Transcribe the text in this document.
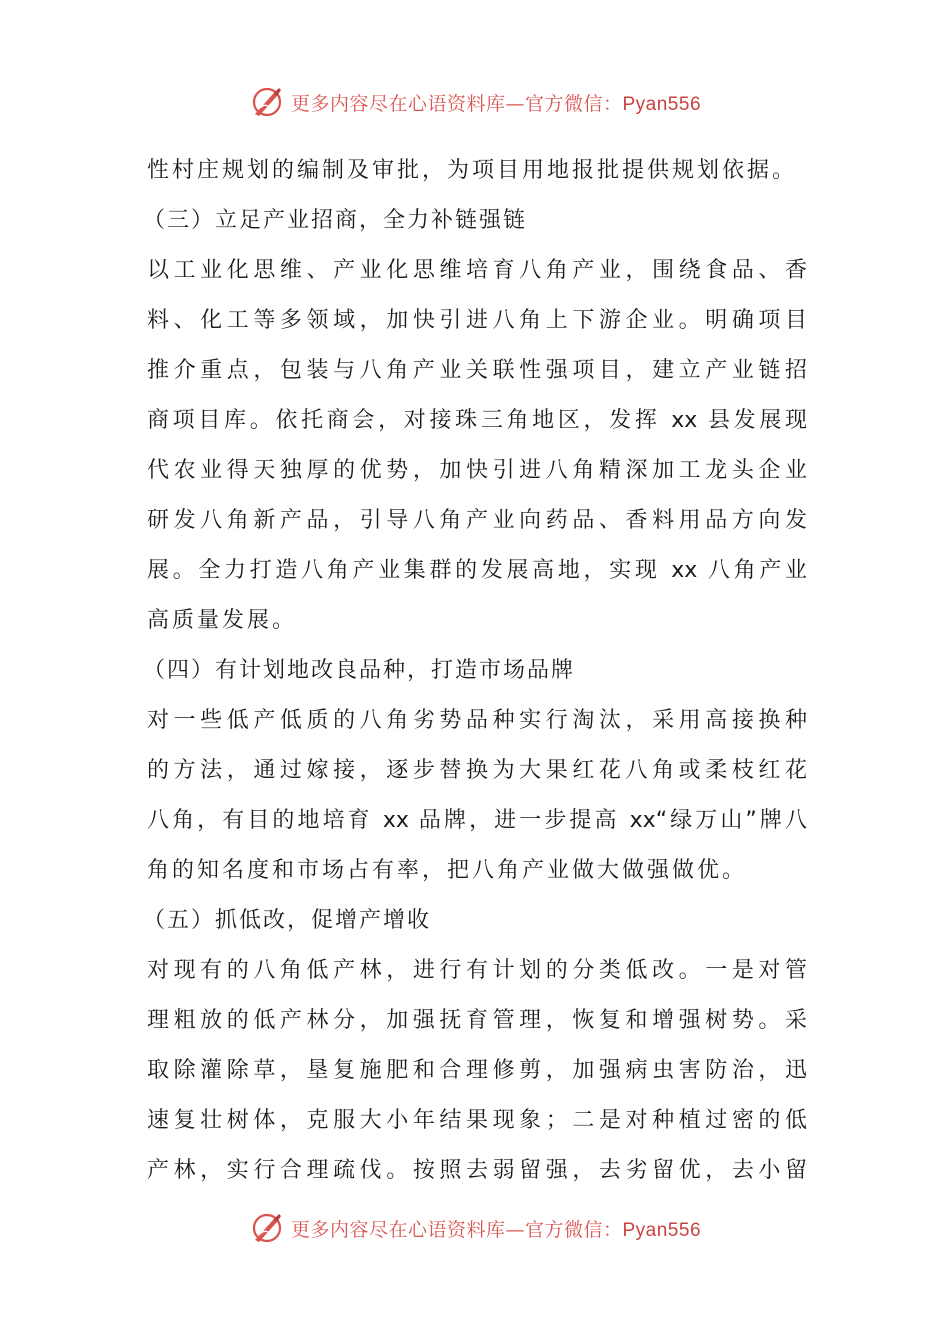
更多内容尽在心语资料库—官方微信：Pyan556
性村庄规划的编制及审批，为项目用地报批提供规划依据。
（三）立足产业招商，全力补链强链
以工业化思维、产业化思维培育八角产业，围绕食品、香
料、化工等多领域，加快引进八角上下游企业。明确项目
推介重点，包装与八角产业关联性强项目，建立产业链招
商项目库。依托商会，对接珠三角地区，发挥 xx 县发展现
代农业得天独厚的优势，加快引进八角精深加工龙头企业
研发八角新产品，引导八角产业向药品、香料用品方向发
展。全力打造八角产业集群的发展高地，实现 xx 八角产业
高质量发展。
（四）有计划地改良品种，打造市场品牌
对一些低产低质的八角劣势品种实行淘汰，采用高接换种
的方法，通过嫁接，逐步替换为大果红花八角或柔枝红花
八角，有目的地培育 xx 品牌，进一步提高 xx“绿万山”牌八
角的知名度和市场占有率，把八角产业做大做强做优。
（五）抓低改，促增产增收
对现有的八角低产林，进行有计划的分类低改。一是对管
理粗放的低产林分，加强抚育管理，恢复和增强树势。采
取除灌除草，垦复施肥和合理修剪，加强病虫害防治，迅
速复壮树体，克服大小年结果现象；二是对种植过密的低
产林，实行合理疏伐。按照去弱留强，去劣留优，去小留
更多内容尽在心语资料库—官方微信：Pyan556
